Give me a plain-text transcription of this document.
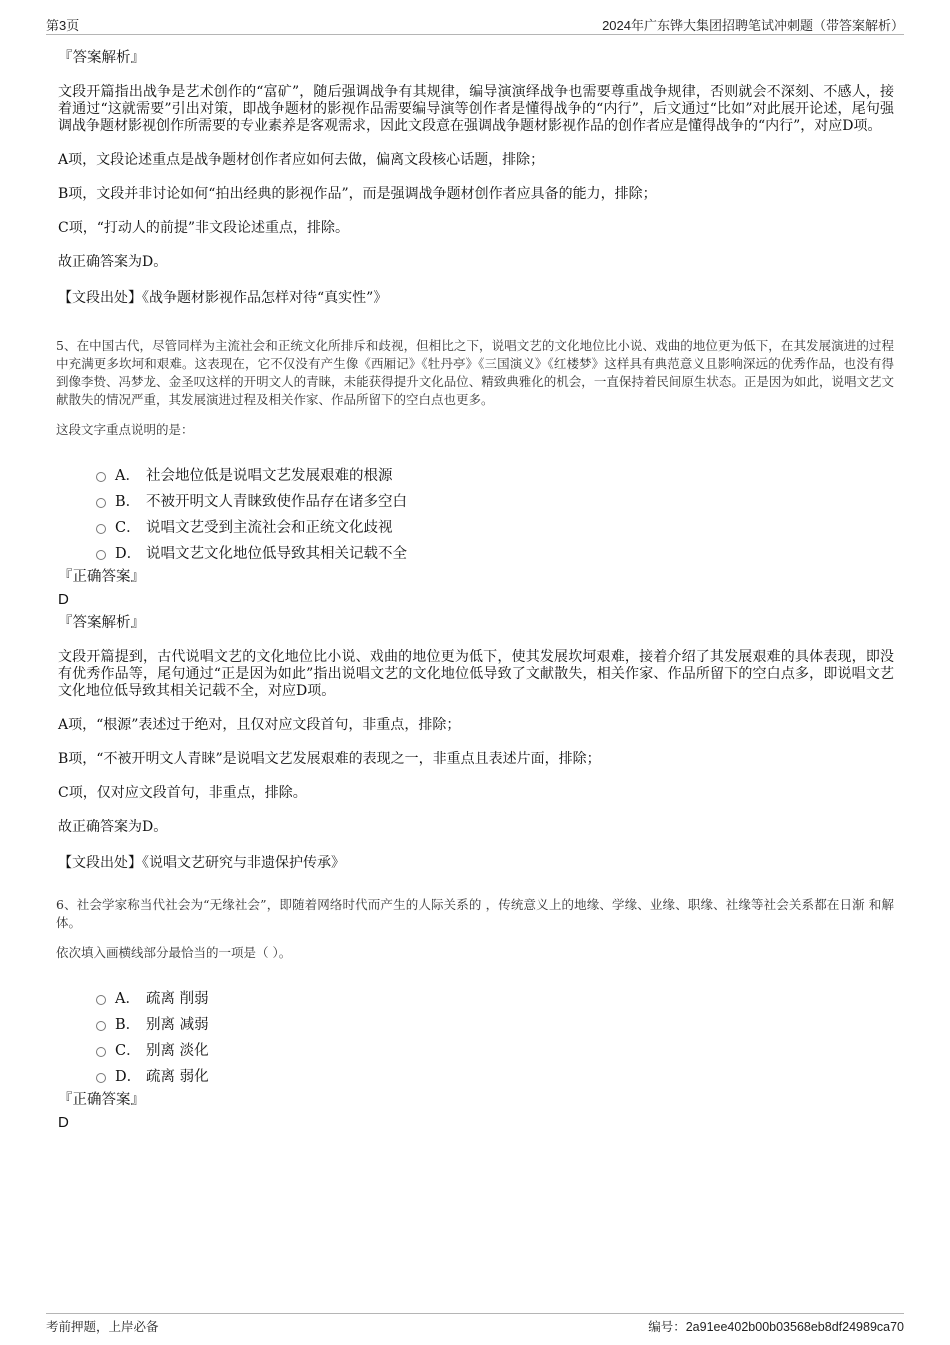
第3页	2024年广东铧大集团招聘笔试冲刺题（带答案解析）
『答案解析』
文段开篇指出战争是艺术创作的“富矿”，随后强调战争有其规律，编导演演绎战争也需要尊重战争规律，否则就会不深刻、不感人，接着通过“这就需要”引出对策，即战争题材的影视作品需要编导演等创作者是懂得战争的“内行”，后文通过“比如”对此展开论述，尾句强调战争题材影视创作所需要的专业素养是客观需求，因此文段意在强调战争题材影视作品的创作者应是懂得战争的“内行”，对应D项。
A项，文段论述重点是战争题材创作者应如何去做，偏离文段核心话题，排除；
B项，文段并非讨论如何“拍出经典的影视作品”，而是强调战争题材创作者应具备的能力，排除；
C项，“打动人的前提”非文段论述重点，排除。
故正确答案为D。
【文段出处】《战争题材影视作品怎样对待“真实性”》
5、在中国古代，尽管同样为主流社会和正统文化所排斥和歧视，但相比之下，说唱文艺的文化地位比小说、戏曲的地位更为低下，在其发展演进的过程中充满更多坎坷和艰难。这表现在，它不仅没有产生像《西厢记》《牡丹亭》《三国演义》《红楼梦》这样具有典范意义且影响深远的优秀作品，也没有得到像李贽、冯梦龙、金圣叹这样的开明文人的青睐，未能获得提升文化品位、精致典雅化的机会，一直保持着民间原生状态。正是因为如此，说唱文艺文献散失的情况严重，其发展演进过程及相关作家、作品所留下的空白点也更多。
这段文字重点说明的是：
A． 社会地位低是说唱文艺发展艰难的根源
B． 不被开明文人青睐致使作品存在诸多空白
C． 说唱文艺受到主流社会和正统文化歧视
D． 说唱文艺文化地位低导致其相关记载不全
『正确答案』
D
『答案解析』
文段开篇提到，古代说唱文艺的文化地位比小说、戏曲的地位更为低下，使其发展坎坷艰难，接着介绍了其发展艰难的具体表现，即没有优秀作品等，尾句通过“正是因为如此”指出说唱文艺的文化地位低导致了文献散失，相关作家、作品所留下的空白点多，即说唱文艺文化地位低导致其相关记载不全，对应D项。
A项，“根源”表述过于绝对，且仅对应文段首句，非重点，排除；
B项，“不被开明文人青睐”是说唱文艺发展艰难的表现之一，非重点且表述片面，排除；
C项，仅对应文段首句，非重点，排除。
故正确答案为D。
【文段出处】《说唱文艺研究与非遗保护传承》
6、社会学家称当代社会为“无缘社会”，即随着网络时代而产生的人际关系的 ，传统意义上的地缘、学缘、业缘、职缘、社缘等社会关系都在日渐 和解体。
依次填入画横线部分最恰当的一项是（ ）。
A． 疏离 削弱
B． 别离 减弱
C． 别离 淡化
D． 疏离 弱化
『正确答案』
D
考前押题，上岸必备	编号：2a91ee402b00b03568eb8df24989ca70
